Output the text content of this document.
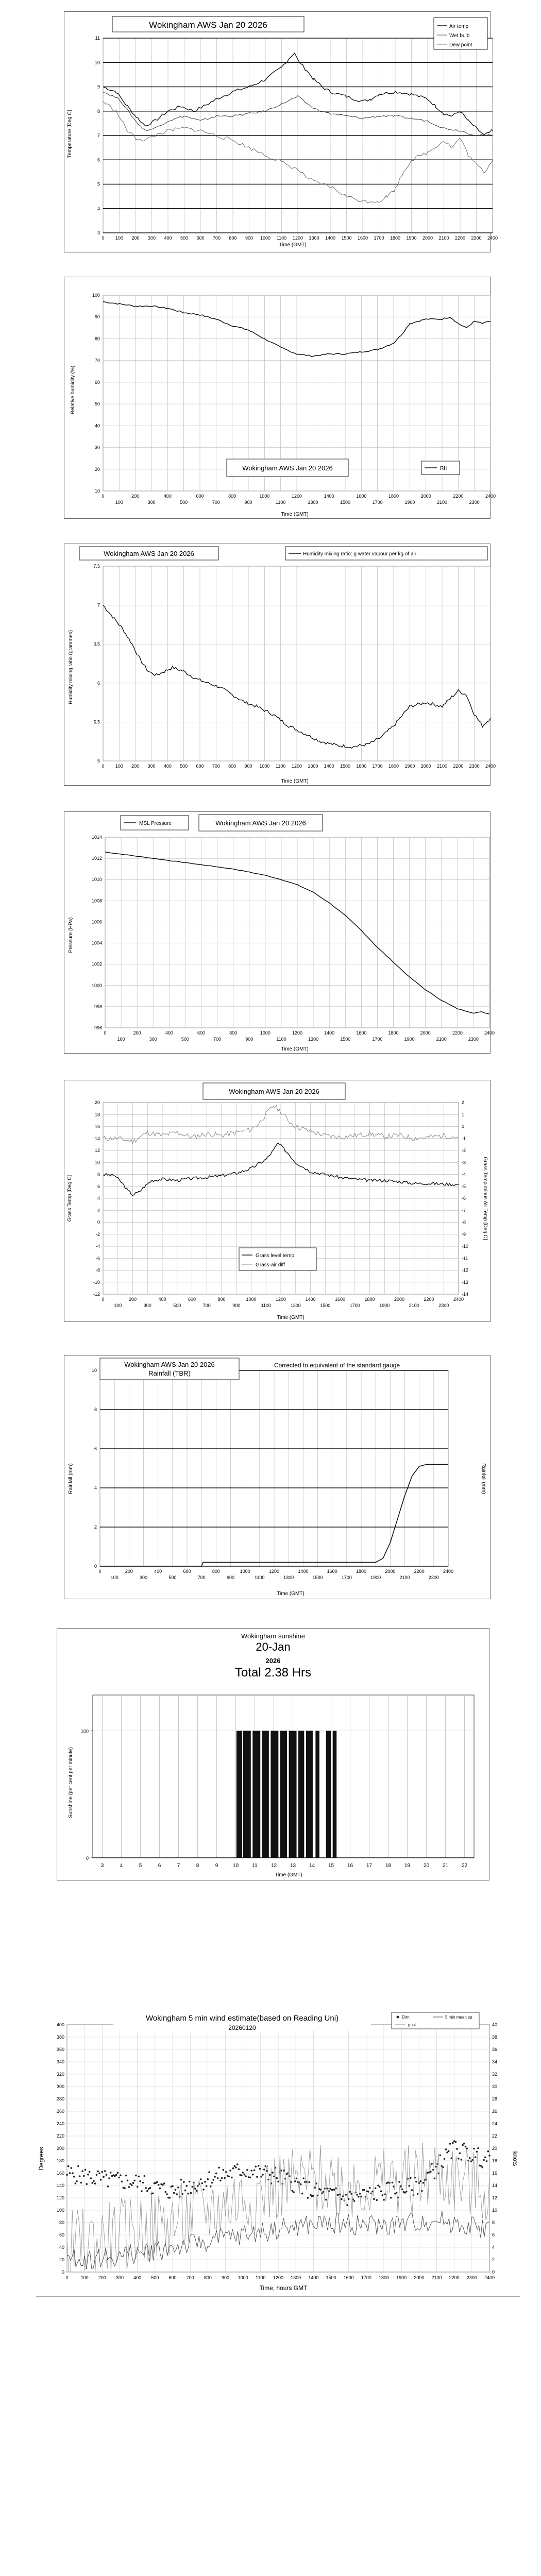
Wokingham AWS Jan 20 2026
3
4
5
6
7
8
9
10
11
0 100 200 300 400 500 600 700 800 900 1000 1100 1200 1300 1400 1500 1600 1700 1800 1900 2000 2100 2200 2300 2400
Temperature [Deg C]
Time (GMT)
Air temp
Wet bulb
Dew point
10
20
30
40
50
60
70
80
90
100
0	200	400	600	800	1000	1200	1400	1600	1800	2000	2200	2400
100	300	500	700	900	1100	1300	1500	1700	1900	2100	2300
Relative humidity (%)
Time (GMT)
Wokingham AWS Jan 20 2026	RH
5
5.5
6
6.5
7
7.5
0 100 200 300 400 500 600 700 800 900 1000 1100 1200 1300 1400 1500 1600 1700 1800 1900 2000 2100 2200 2300 2400
Wokingham AWS Jan 20 2026	Humidity mixing ratio: g water vapour per kg of air
Humidity mixing ratio (grammes)
Time (GMT)
996
998
1000
1002
1004
1006
1008
1010
1012
1014
0	200	400	600	800	1000	1200	1400	1600	1800	2000	2200	2400
100	300	500	700	900	1100	1300	1500	1700	1900	2100	2300
MSL Pressure	Wokingham AWS Jan 20 2026
Pressure (HPa)
Time (GMT)
-12
-10
-8
-6
-4
-2
0
2
4
6
8
10
12
14
16
18
20
-14
-13
-12
-11
-10
-9
-8
-7
-6
-5
-4
-3
-2
-1
0
1
2
0	200	400	600	800	1000	1200	1400	1600	1800	2000	2200	2400
100	300	500	700	900	1100	1300	1500	1700	1900	2100	2300
Wokingham AWS Jan 20 2026
Grass level temp
Grass-air diff
Grass Temp [Deg C]	Grass Temp minus Air Temp [Deg C]
Time (GMT)
0
2
4
6
8
10
0	200	400	600	800	1000	1200	1400	1600	1800	2000	2200	2400
100	300	500	700	900	1100	1300	1500	1700	1900	2100	2300
Wokingham AWS Jan 20 2026
Rainfall (TBR)
Corrected to equivalent of the standard gauge
Rainfall (mm)	Rainfall (mm)
Time (GMT)
3	4	5	6	7	8	9	10	11	12	13	14	15	16	17	18	19	20	21	22
0
100
Wokingham sunshine
20-Jan
2026
Total 2.38 Hrs
Sunshine (per cent per minute)
Time (GMT)
0
20
40
60
80
100
120
140
160
180
200
220
240
260
280
300
320
340
360
380
400
0
2
4
6
8
10
12
14
16
18
20
22
24
26
28
30
32
34
36
38
40
0	100 200 300 400 500 600 700 800 900 1000 1100 1200 1300 1400 1500 1600 1700 1800 1900 2000 2100 2200 2300 2400
Wokingham 5 min wind estimate(based on Reading Uni)
20260120
Dirn	5 min mean sp
gust
Degrees	knots
Time, hours GMT
